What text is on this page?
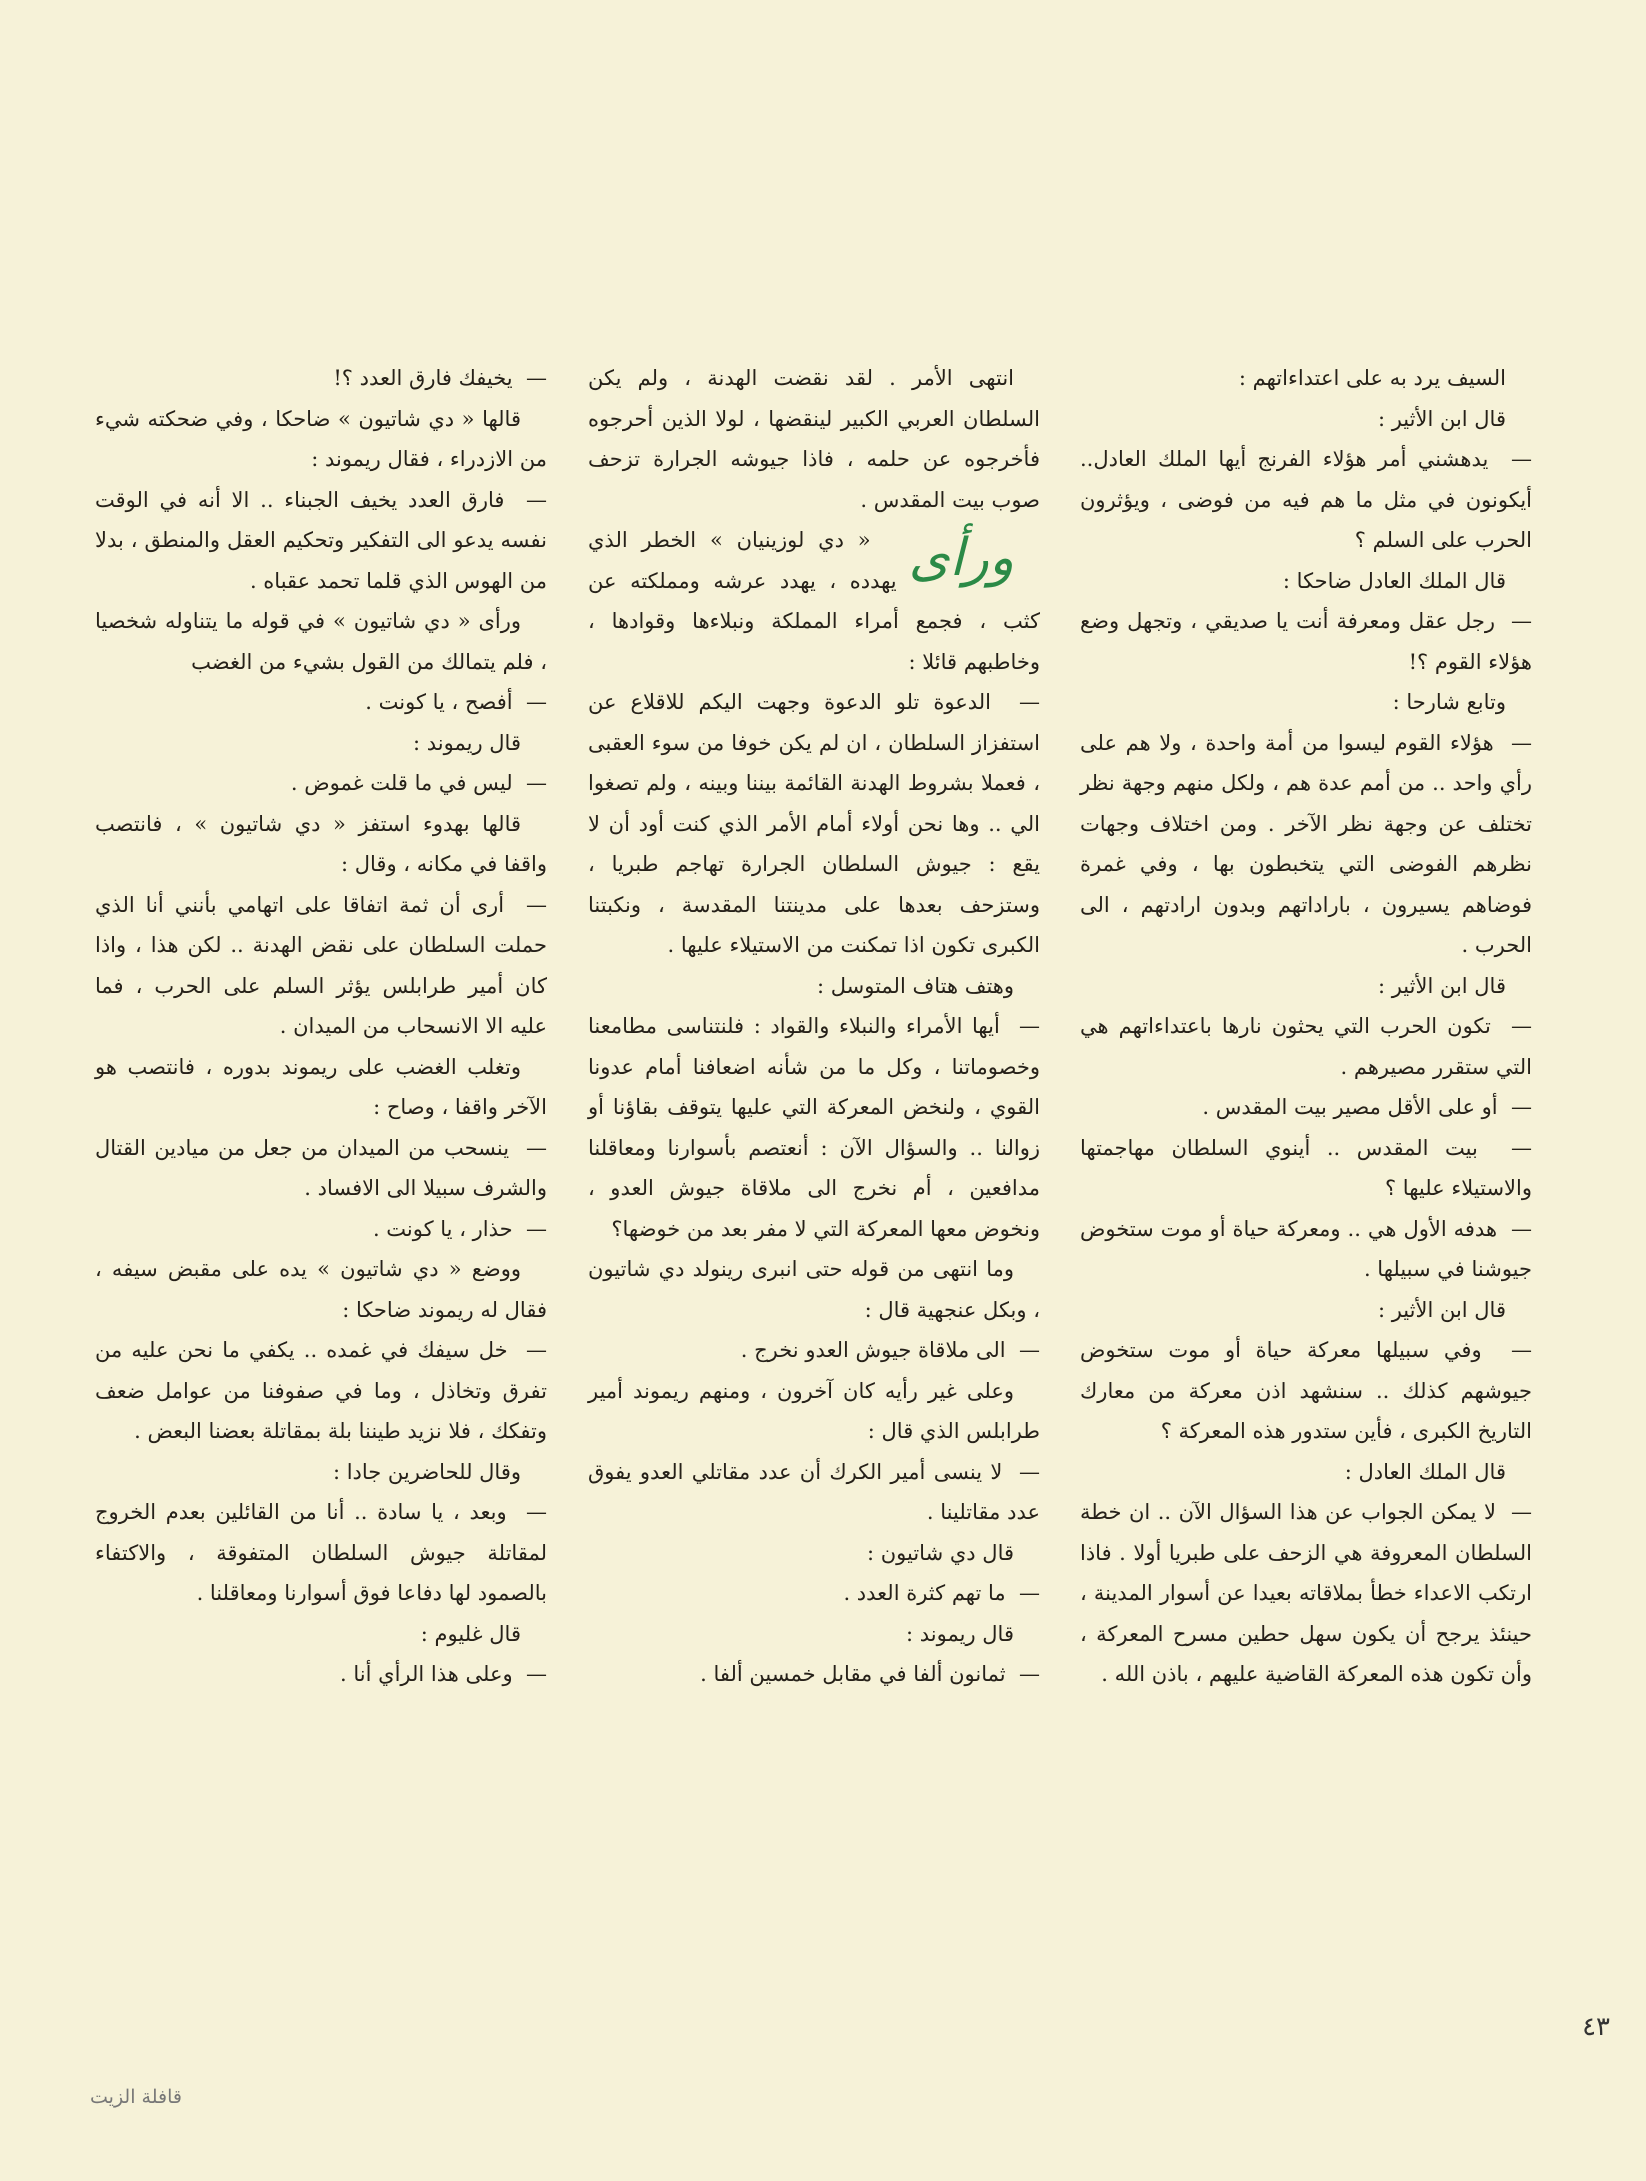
السيف يرد به على اعتداءاتهم :

قال ابن الأثير :

—  يدهشني أمر هؤلاء الفرنج أيها الملك العادل.. أيكونون في مثل ما هم فيه من فوضى ، ويؤثرون الحرب على السلم ؟

قال الملك العادل ضاحكا :

—  رجل عقل ومعرفة أنت يا صديقي ، وتجهل وضع هؤلاء القوم ؟!

وتابع شارحا :

—  هؤلاء القوم ليسوا من أمة واحدة ، ولا هم على رأي واحد .. من أمم عدة هم ، ولكل منهم وجهة نظر تختلف عن وجهة نظر الآخر . ومن اختلاف وجهات نظرهم الفوضى التي يتخبطون بها ، وفي غمرة فوضاهم يسيرون ، باراداتهم وبدون ارادتهم ، الى الحرب .

قال ابن الأثير :

—  تكون الحرب التي يحثون نارها باعتداءاتهم هي التي ستقرر مصيرهم .

—  أو على الأقل مصير بيت المقدس .

—  بيت المقدس .. أينوي السلطان مهاجمتها والاستيلاء عليها ؟

—  هدفه الأول هي .. ومعركة حياة أو موت ستخوض جيوشنا في سبيلها .

قال ابن الأثير :

—  وفي سبيلها معركة حياة أو موت ستخوض جيوشهم كذلك .. سنشهد اذن معركة من معارك التاريخ الكبرى ، فأين ستدور هذه المعركة ؟

قال الملك العادل :

—  لا يمكن الجواب عن هذا السؤال الآن .. ان خطة السلطان المعروفة هي الزحف على طبريا أولا . فاذا ارتكب الاعداء خطأ بملاقاته بعيدا عن أسوار المدينة ، حينئذ يرجح أن يكون سهل حطين مسرح المعركة ، وأن تكون هذه المعركة القاضية عليهم ، باذن الله .

انتهى الأمر . لقد نقضت الهدنة ، ولم يكن السلطان العربي الكبير لينقضها ، لولا الذين أحرجوه فأخرجوه عن حلمه ، فاذا جيوشه الجرارة تزحف صوب بيت المقدس .

ورأى
« دي لوزينيان » الخطر الذي يهدده ، يهدد عرشه ومملكته عن كثب ، فجمع أمراء المملكة ونبلاءها وقوادها ، وخاطبهم قائلا :

—  الدعوة تلو الدعوة وجهت اليكم للاقلاع عن استفزاز السلطان ، ان لم يكن خوفا من سوء العقبى ، فعملا بشروط الهدنة القائمة بيننا وبينه ، ولم تصغوا الي .. وها نحن أولاء أمام الأمر الذي كنت أود أن لا يقع : جيوش السلطان الجرارة تهاجم طبريا ، وستزحف بعدها على مدينتنا المقدسة ، ونكبتنا الكبرى تكون اذا تمكنت من الاستيلاء عليها .

وهتف هتاف المتوسل :

—  أيها الأمراء والنبلاء والقواد : فلنتناسى مطامعنا وخصوماتنا ، وكل ما من شأنه اضعافنا أمام عدونا القوي ، ولنخض المعركة التي عليها يتوقف بقاؤنا أو زوالنا .. والسؤال الآن : أنعتصم بأسوارنا ومعاقلنا مدافعين ، أم نخرج الى ملاقاة جيوش العدو ، ونخوض معها المعركة التي لا مفر بعد من خوضها؟

وما انتهى من قوله حتى انبرى رينولد دي شاتيون ، وبكل عنجهية قال :

—  الى ملاقاة جيوش العدو نخرج .

وعلى غير رأيه كان آخرون ، ومنهم ريموند أمير طرابلس الذي قال :

—  لا ينسى أمير الكرك أن عدد مقاتلي العدو يفوق عدد مقاتلينا .

قال دي شاتيون :

—  ما تهم كثرة العدد .

قال ريموند :

—  ثمانون ألفا في مقابل خمسين ألفا .

—  يخيفك فارق العدد ؟!

قالها « دي شاتيون » ضاحكا ، وفي ضحكته شيء من الازدراء ، فقال ريموند :

—  فارق العدد يخيف الجبناء .. الا أنه في الوقت نفسه يدعو الى التفكير وتحكيم العقل والمنطق ، بدلا من الهوس الذي قلما تحمد عقباه .

ورأى « دي شاتيون » في قوله ما يتناوله شخصيا ، فلم يتمالك من القول بشيء من الغضب

—  أفصح ، يا كونت .

قال ريموند :

—  ليس في ما قلت غموض .

قالها بهدوء استفز « دي شاتيون » ، فانتصب واقفا في مكانه ، وقال :

—  أرى أن ثمة اتفاقا على اتهامي بأنني أنا الذي حملت السلطان على نقض الهدنة .. لكن هذا ، واذا كان أمير طرابلس يؤثر السلم على الحرب ، فما عليه الا الانسحاب من الميدان .

وتغلب الغضب على ريموند بدوره ، فانتصب هو الآخر واقفا ، وصاح :

—  ينسحب من الميدان من جعل من ميادين القتال والشرف سبيلا الى الافساد .

—  حذار ، يا كونت .

ووضع « دي شاتيون » يده على مقبض سيفه ، فقال له ريموند ضاحكا :

—  خل سيفك في غمده .. يكفي ما نحن عليه من تفرق وتخاذل ، وما في صفوفنا من عوامل ضعف وتفكك ، فلا نزيد طيننا بلة بمقاتلة بعضنا البعض .

وقال للحاضرين جادا :

—  وبعد ، يا سادة .. أنا من القائلين بعدم الخروج لمقاتلة جيوش السلطان المتفوقة ، والاكتفاء بالصمود لها دفاعا فوق أسوارنا ومعاقلنا .

قال غليوم :

—  وعلى هذا الرأي أنا .

٤٣
قافلة الزيت
